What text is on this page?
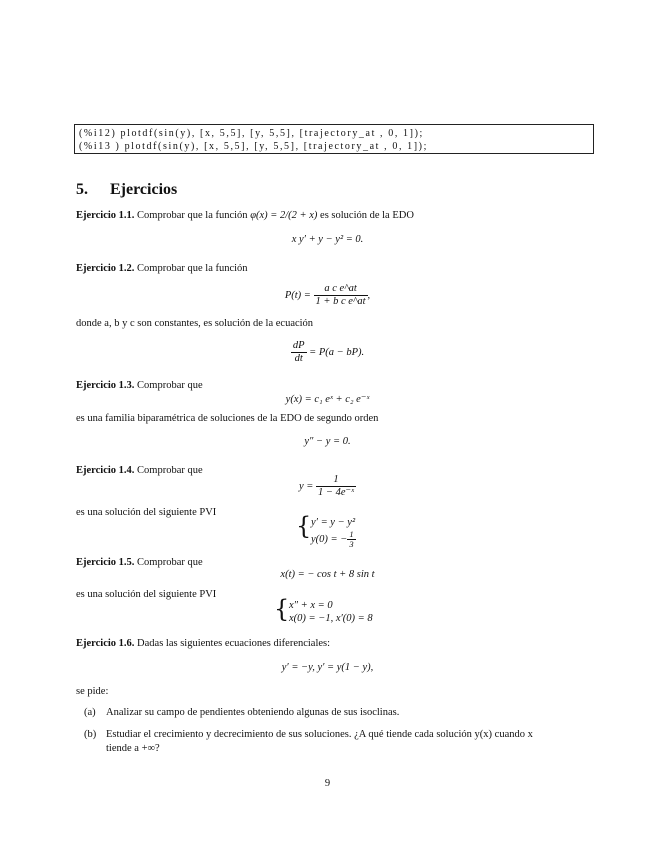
(%i12) plotdf(sin(y), [x, 5,5], [y, 5,5], [trajectory_at , 0, 1]);
(%i13 ) plotdf(sin(y), [x, 5,5], [y, 5,5], [trajectory_at , 0, 1]);
5. Ejercicios
Ejercicio 1.1. Comprobar que la función φ(x) = 2/(2 + x) es solución de la EDO
x y′ + y − y² = 0.
Ejercicio 1.2. Comprobar que la función
$P(t) = \frac{\text{a c e\textasciicircum{}at}}{\text{1 + b c e\textasciicircum{}at}}$ ,
donde a, b y c son constantes, es solución de la ecuación
$\frac{dP}{dt} = P(a - bP)$.
Ejercicio 1.3. Comprobar que
y(x) = c₁ eˣ + c₂ e⁻ˣ
es una familia biparamétrica de soluciones de la EDO de segundo orden
y″ − y = 0.
Ejercicio 1.4. Comprobar que
$y = \frac{1}{\text{1 − 4e⁻ˣ}}$
es una solución del siguiente PVI	{ y′ = y − y²
y(0) = − $\frac{1}{3}$
Ejercicio 1.5. Comprobar que
x(t) = − cos t + 8 sin t
es una solución del siguiente PVI
{ x″ + x = 0
x(0) = −1, x′(0) = 8
Ejercicio 1.6. Dadas las siguientes ecuaciones diferenciales:
y′ = −y, y′ = y(1 − y),
se pide:
(a) Analizar su campo de pendientes obteniendo algunas de sus isoclinas.
(b) Estudiar el crecimiento y decrecimiento de sus soluciones. ¿A qué tiende cada solución y(x) cuando x
tiende a +∞?
9
